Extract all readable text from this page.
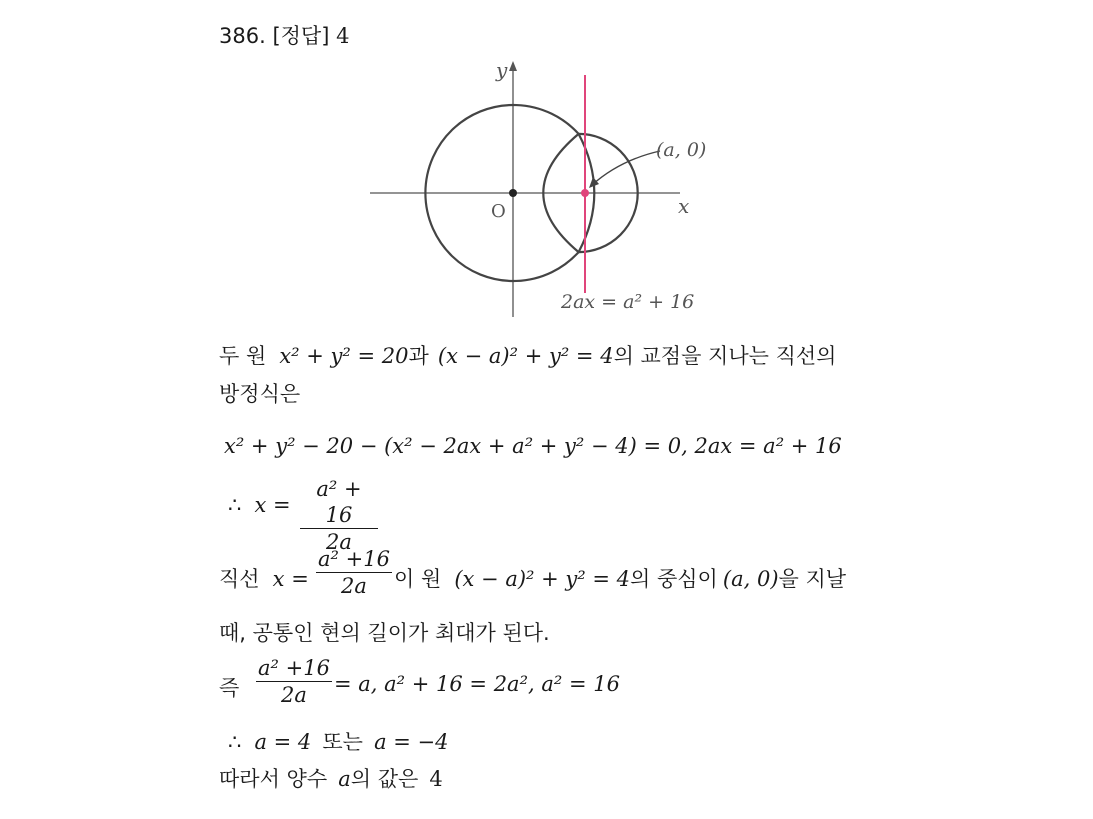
386. [정답] 4
y
x
O
(a, 0)
2ax = a² + 16
두 원 x² + y² = 20과 (x − a)² + y² = 4의 교점을 지나는 직선의
방정식은
x² + y² − 20 − (x² − 2ax + a² + y² − 4) = 0, 2ax = a² + 16
∴ x =
a² + 16
2a
직선 x =
a² +16
2a	이 원 (x − a)² + y² = 4의 중심이 (a, 0)을 지날
때, 공통인 현의 길이가 최대가 된다.
즉
a² +16
2a	= a, a² + 16 = 2a², a² = 16
∴ a = 4 또는 a = −4
따라서 양수 a의 값은 4
